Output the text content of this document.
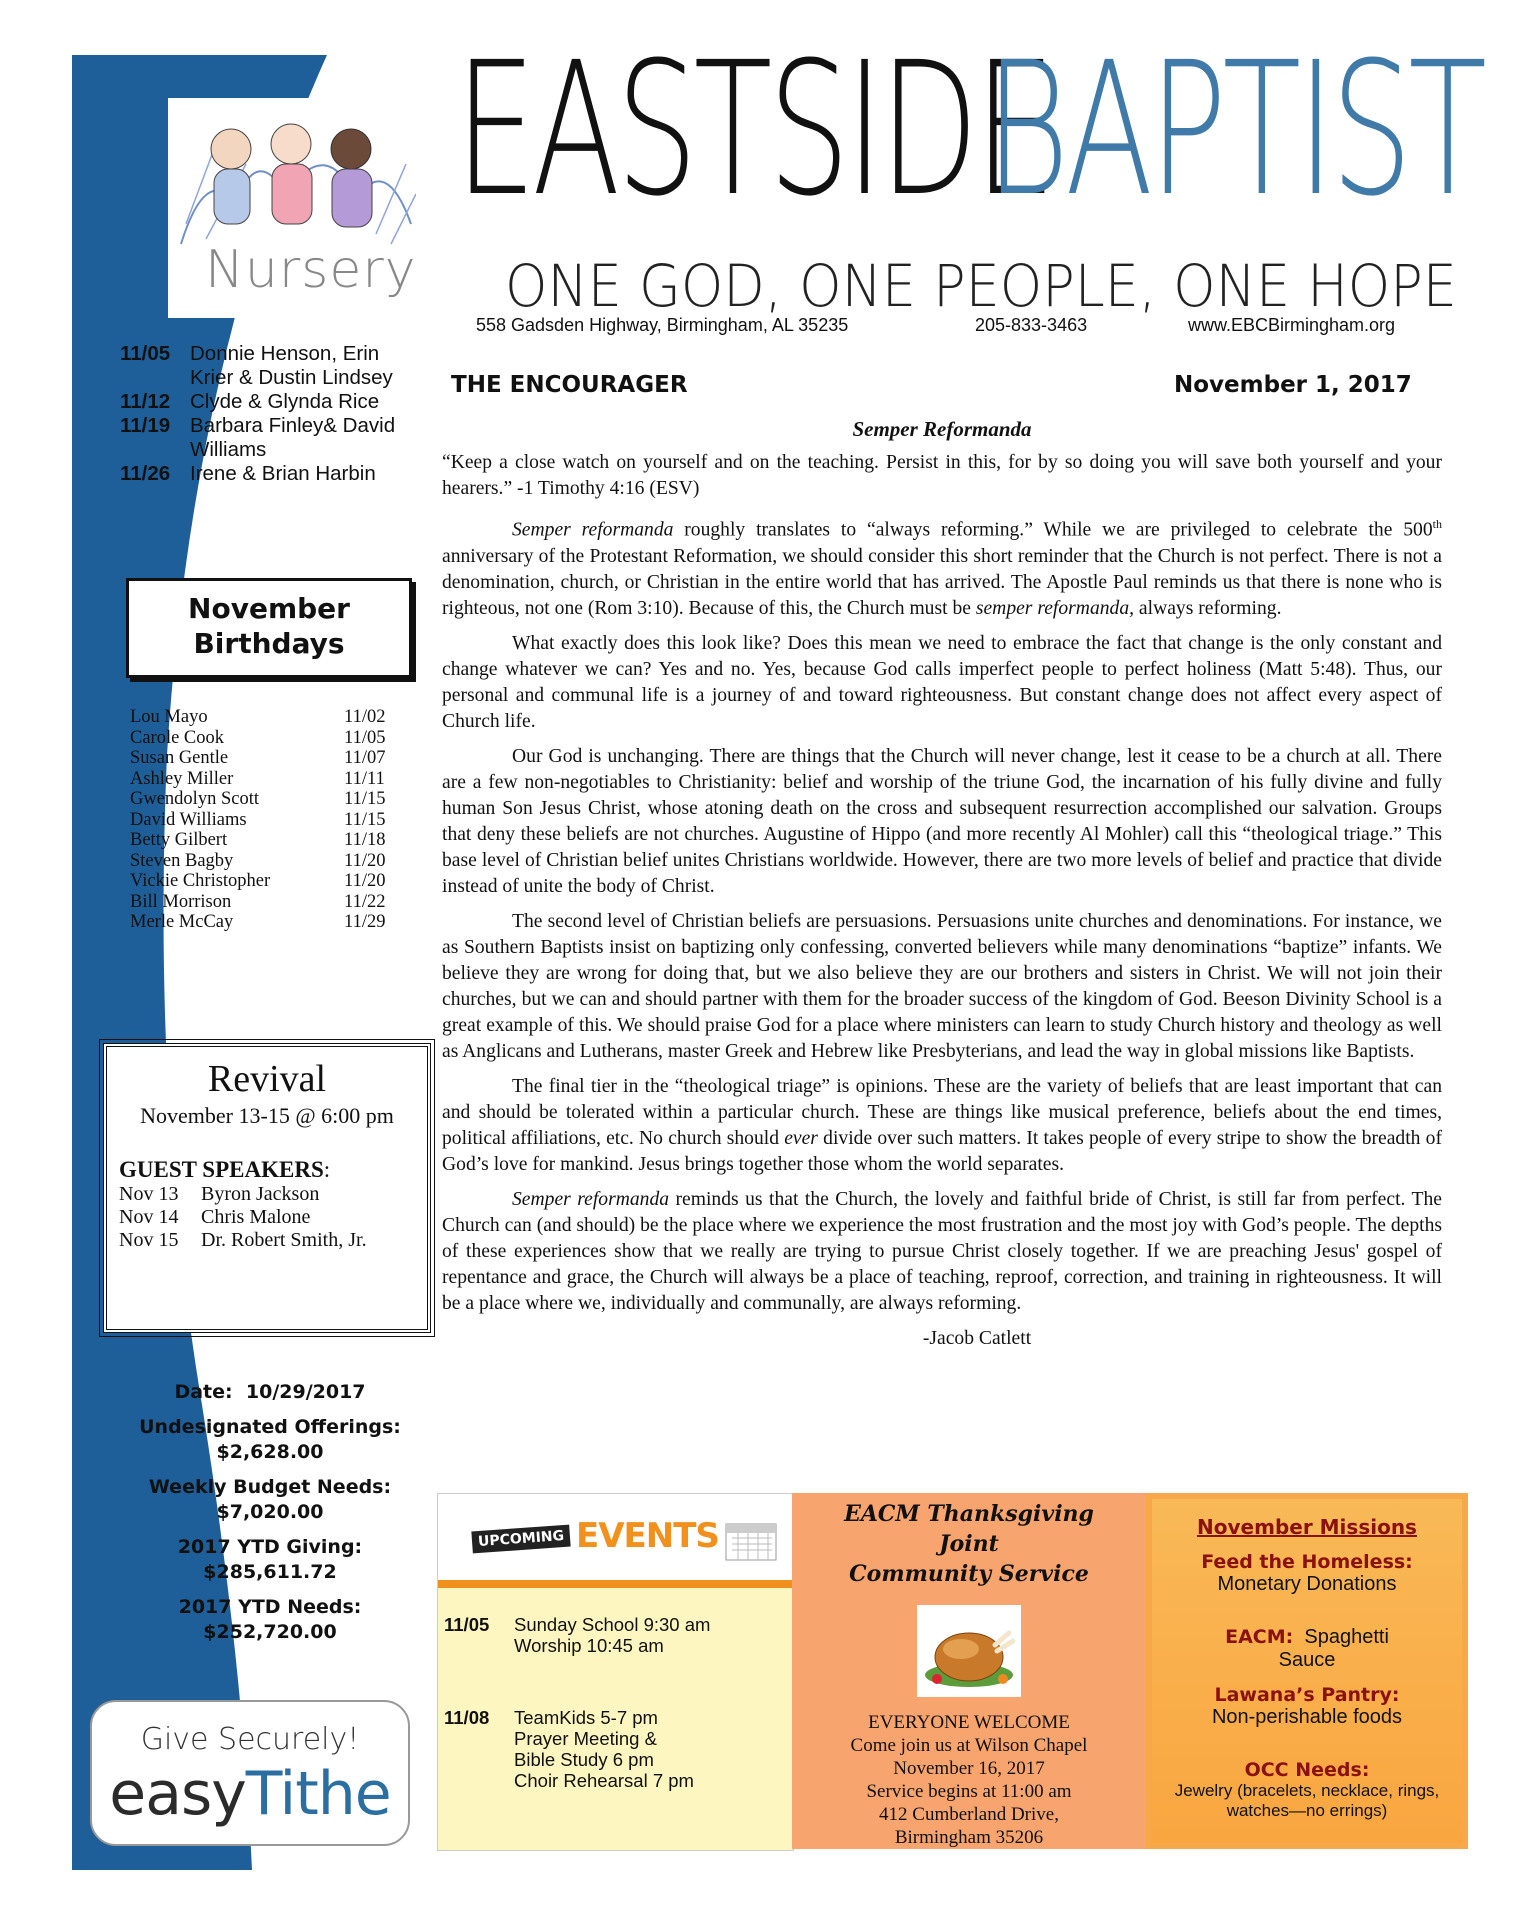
Nursery
11/05 Donnie Henson, Erin Krier & Dustin Lindsey
11/12 Clyde & Glynda Rice
11/19 Barbara Finley& David Williams
11/26 Irene & Brian Harbin
November
Birthdays
Lou Mayo	11/02
Carole Cook	11/05
Susan Gentle	11/07
Ashley Miller	11/11
Gwendolyn Scott	11/15
David Williams	11/15
Betty Gilbert	11/18
Steven Bagby	11/20
Vickie Christopher	11/20
Bill Morrison	11/22
Merle McCay	11/29
Revival
November 13-15 @ 6:00 pm
GUEST SPEAKERS:
Nov 13	Byron Jackson
Nov 14	Chris Malone
Nov 15	Dr. Robert Smith, Jr.
Date: 10/29/2017
Undesignated Offerings:
$2,628.00
Weekly Budget Needs:
$7,020.00
2017 YTD Giving:
$285,611.72
2017 YTD Needs:
$252,720.00
Give Securely!
easyTithe
EASTSIDE
BAPTIST
ONE GOD, ONE PEOPLE, ONE HOPE
558 Gadsden Highway, Birmingham, AL 35235	205-833-3463	www.EBCBirmingham.org
THE ENCOURAGER	November 1, 2017
Semper Reformanda

“Keep a close watch on yourself and on the teaching. Persist in this, for by so doing you will save both yourself and your hearers.” -1 Timothy 4:16 (ESV)

Semper reformanda roughly translates to “always reforming.” While we are privileged to celebrate the 500th anniversary of the Protestant Reformation, we should consider this short reminder that the Church is not perfect. There is not a denomination, church, or Christian in the entire world that has arrived. The Apostle Paul reminds us that there is none who is righteous, not one (Rom 3:10). Because of this, the Church must be semper reformanda, always reforming.

What exactly does this look like? Does this mean we need to embrace the fact that change is the only constant and change whatever we can? Yes and no. Yes, because God calls imperfect people to perfect holiness (Matt 5:48). Thus, our personal and communal life is a journey of and toward righteousness. But constant change does not affect every aspect of Church life.

Our God is unchanging. There are things that the Church will never change, lest it cease to be a church at all. There are a few non-negotiables to Christianity: belief and worship of the triune God, the incarnation of his fully divine and fully human Son Jesus Christ, whose atoning death on the cross and subsequent resurrection accomplished our salvation. Groups that deny these beliefs are not churches. Augustine of Hippo (and more recently Al Mohler) call this “theological triage.” This base level of Christian belief unites Christians worldwide. However, there are two more levels of belief and practice that divide instead of unite the body of Christ.

The second level of Christian beliefs are persuasions. Persuasions unite churches and denominations. For instance, we as Southern Baptists insist on baptizing only confessing, converted believers while many denominations “baptize” infants. We believe they are wrong for doing that, but we also believe they are our brothers and sisters in Christ. We will not join their churches, but we can and should partner with them for the broader success of the kingdom of God. Beeson Divinity School is a great example of this. We should praise God for a place where ministers can learn to study Church history and theology as well as Anglicans and Lutherans, master Greek and Hebrew like Presbyterians, and lead the way in global missions like Baptists.

The final tier in the “theological triage” is opinions. These are the variety of beliefs that are least important that can and should be tolerated within a particular church. These are things like musical preference, beliefs about the end times, political affiliations, etc. No church should ever divide over such matters. It takes people of every stripe to show the breadth of God’s love for mankind. Jesus brings together those whom the world separates.

Semper reformanda reminds us that the Church, the lovely and faithful bride of Christ, is still far from perfect. The Church can (and should) be the place where we experience the most frustration and the most joy with God’s people. The depths of these experiences show that we really are trying to pursue Christ closely together. If we are preaching Jesus' gospel of repentance and grace, the Church will always be a place of teaching, reproof, correction, and training in righteousness. It will be a place where we, individually and communally, are always reforming.

-Jacob Catlett
UPCOMING EVENTS
11/05	Sunday School 9:30 am
Worship 10:45 am
11/08	TeamKids 5-7 pm
Prayer Meeting &
Bible Study 6 pm
Choir Rehearsal 7 pm
EACM Thanksgiving
Joint
Community Service
EVERYONE WELCOME
Come join us at Wilson Chapel
November 16, 2017
Service begins at 11:00 am
412 Cumberland Drive,
Birmingham 35206
November Missions
Feed the Homeless:
Monetary Donations
EACM: Spaghetti
Sauce
Lawana’s Pantry:
Non-perishable foods
OCC Needs:
Jewelry (bracelets, necklace, rings, watches—no errings)
